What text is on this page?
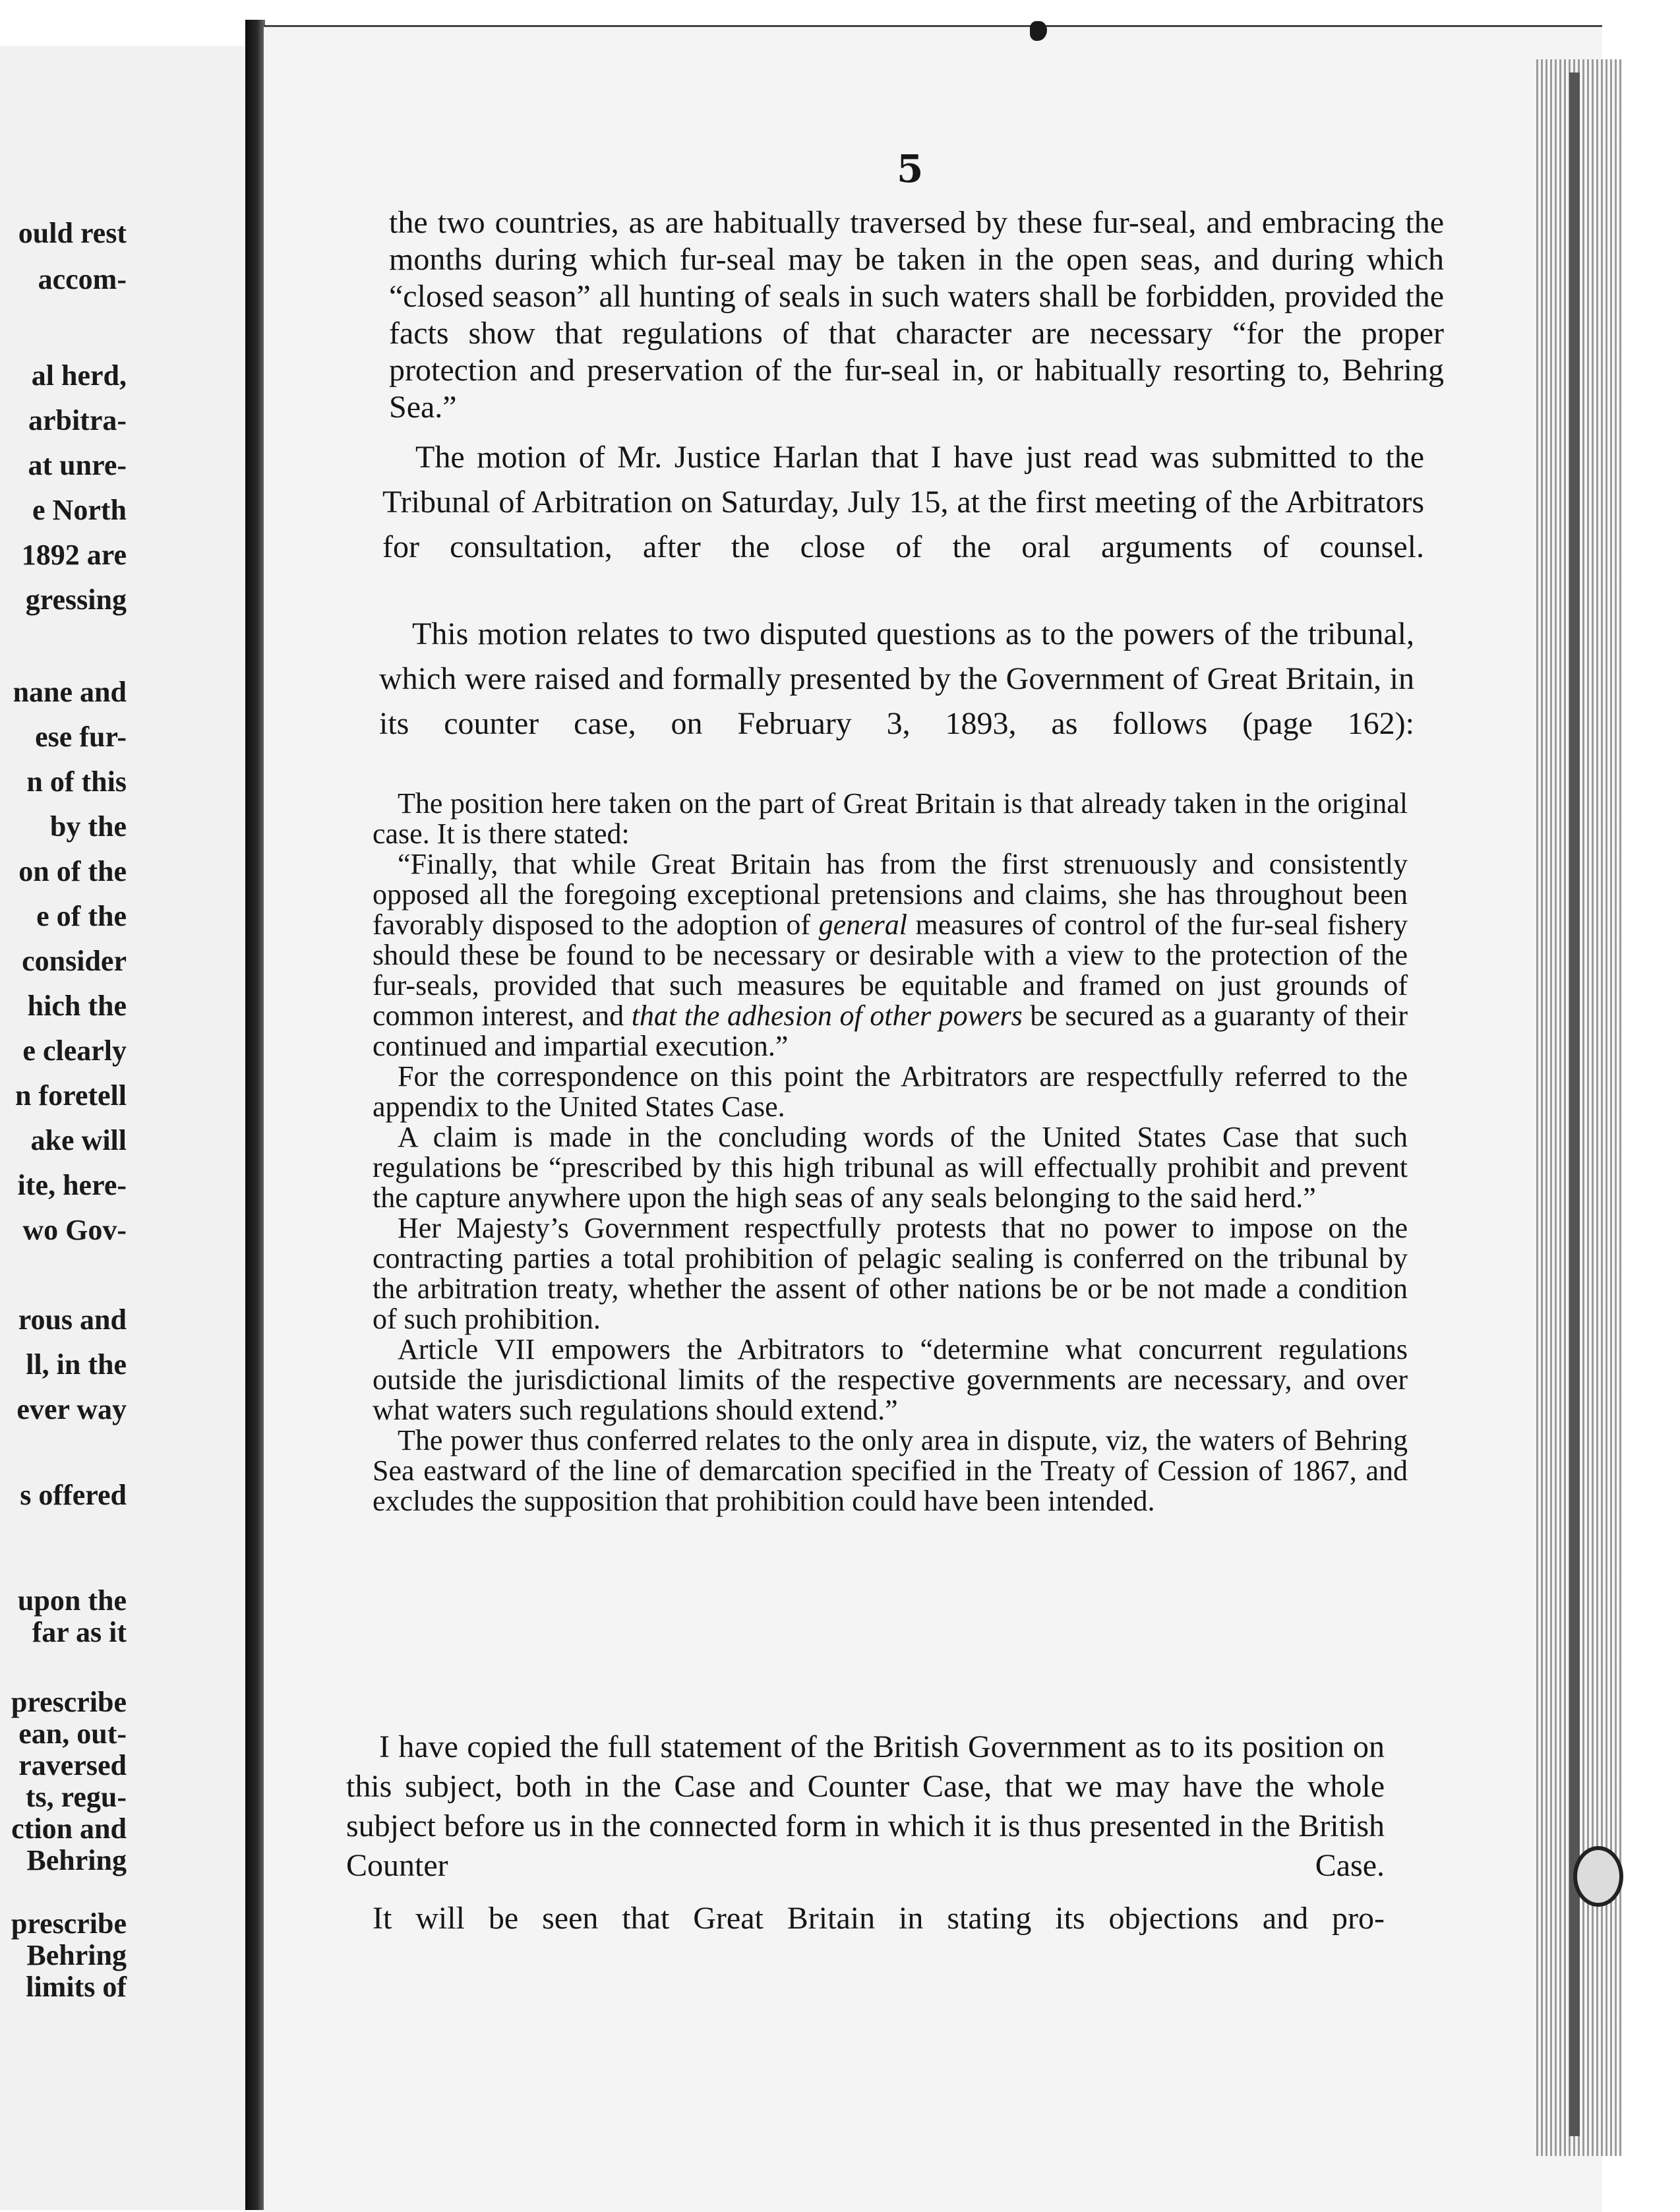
ould rest
accom-
al herd,
arbitra-
at unre-
e North
1892 are
gressing
nane and
ese fur-
n of this
by the
on of the
e of the
consider
hich the
e clearly
n foretell
ake will
ite, here-
wo Gov-
rous and
ll, in the
ever way
s offered
upon the
far as it
prescribe
ean, out-
raversed
ts, regu-
ction and
Behring
prescribe
Behring
limits of
5
the two countries, as are habitually traversed by these fur-seal, and embracing the months during which fur-seal may be taken in the open seas, and during which “closed season” all hunting of seals in such waters shall be forbidden, provided the facts show that regulations of that character are necessary “for the proper protection and preservation of the fur-seal in, or habitually resorting to, Behring Sea.”
The motion of Mr. Justice Harlan that I have just read was submitted to the Tribunal of Arbitration on Saturday, July 15, at the first meeting of the Arbitrators for consultation, after the close of the oral arguments of counsel.
This motion relates to two disputed questions as to the powers of the tribunal, which were raised and formally presented by the Government of Great Britain, in its counter case, on February 3, 1893, as follows (page 162):

The position here taken on the part of Great Britain is that already taken in the original case. It is there stated:

“Finally, that while Great Britain has from the first strenuously and consistently opposed all the foregoing exceptional pretensions and claims, she has throughout been favorably disposed to the adoption of general measures of control of the fur-seal fishery should these be found to be necessary or desirable with a view to the protection of the fur-seals, provided that such measures be equitable and framed on just grounds of common interest, and that the adhesion of other powers be secured as a guaranty of their continued and impartial execution.”

For the correspondence on this point the Arbitrators are respectfully referred to the appendix to the United States Case.

A claim is made in the concluding words of the United States Case that such regulations be “prescribed by this high tribunal as will effectually prohibit and prevent the capture anywhere upon the high seas of any seals belonging to the said herd.”

Her Majesty’s Government respectfully protests that no power to impose on the contracting parties a total prohibition of pelagic sealing is conferred on the tribunal by the arbitration treaty, whether the assent of other nations be or be not made a condition of such prohibition.

Article VII empowers the Arbitrators to “determine what concurrent regulations outside the jurisdictional limits of the respective governments are necessary, and over what waters such regulations should extend.”

The power thus conferred relates to the only area in dispute, viz, the waters of Behring Sea eastward of the line of demarcation specified in the Treaty of Cession of 1867, and excludes the supposition that prohibition could have been intended.

I have copied the full statement of the British Government as to its position on this subject, both in the Case and Counter Case, that we may have the whole subject before us in the connected form in which it is thus presented in the British Counter Case.
It will be seen that Great Britain in stating its objections and pro-
